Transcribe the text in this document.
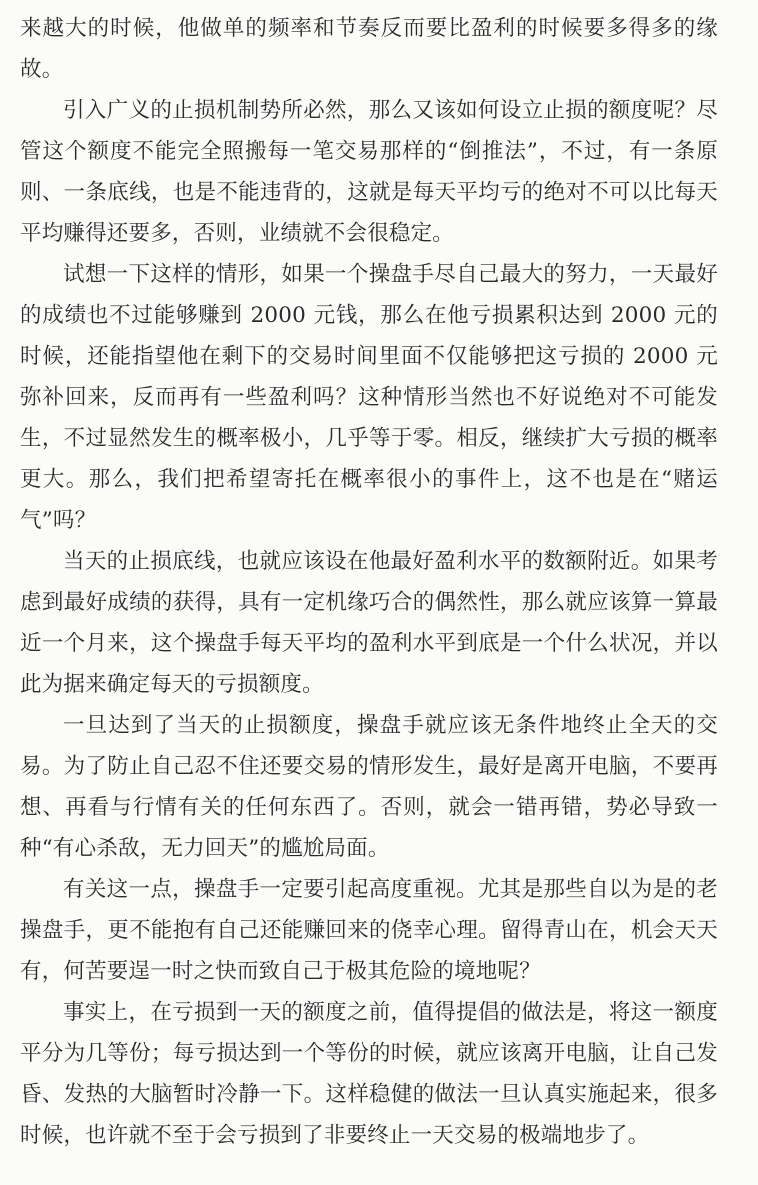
来越大的时候，他做单的频率和节奏反而要比盈利的时候要多得多的缘故。

引入广义的止损机制势所必然，那么又该如何设立止损的额度呢？尽管这个额度不能完全照搬每一笔交易那样的“倒推法”，不过，有一条原则、一条底线，也是不能违背的，这就是每天平均亏的绝对不可以比每天平均赚得还要多，否则，业绩就不会很稳定。

试想一下这样的情形，如果一个操盘手尽自己最大的努力，一天最好的成绩也不过能够赚到 2000 元钱，那么在他亏损累积达到 2000 元的时候，还能指望他在剩下的交易时间里面不仅能够把这亏损的 2000 元弥补回来，反而再有一些盈利吗？这种情形当然也不好说绝对不可能发生，不过显然发生的概率极小，几乎等于零。相反，继续扩大亏损的概率更大。那么，我们把希望寄托在概率很小的事件上，这不也是在“赌运气”吗？

当天的止损底线，也就应该设在他最好盈利水平的数额附近。如果考虑到最好成绩的获得，具有一定机缘巧合的偶然性，那么就应该算一算最近一个月来，这个操盘手每天平均的盈利水平到底是一个什么状况，并以此为据来确定每天的亏损额度。

一旦达到了当天的止损额度，操盘手就应该无条件地终止全天的交易。为了防止自己忍不住还要交易的情形发生，最好是离开电脑，不要再想、再看与行情有关的任何东西了。否则，就会一错再错，势必导致一种“有心杀敌，无力回天”的尴尬局面。

有关这一点，操盘手一定要引起高度重视。尤其是那些自以为是的老操盘手，更不能抱有自己还能赚回来的侥幸心理。留得青山在，机会天天有，何苦要逞一时之快而致自己于极其危险的境地呢？

事实上，在亏损到一天的额度之前，值得提倡的做法是，将这一额度平分为几等份；每亏损达到一个等份的时候，就应该离开电脑，让自己发昏、发热的大脑暂时冷静一下。这样稳健的做法一旦认真实施起来，很多时候，也许就不至于会亏损到了非要终止一天交易的极端地步了。
